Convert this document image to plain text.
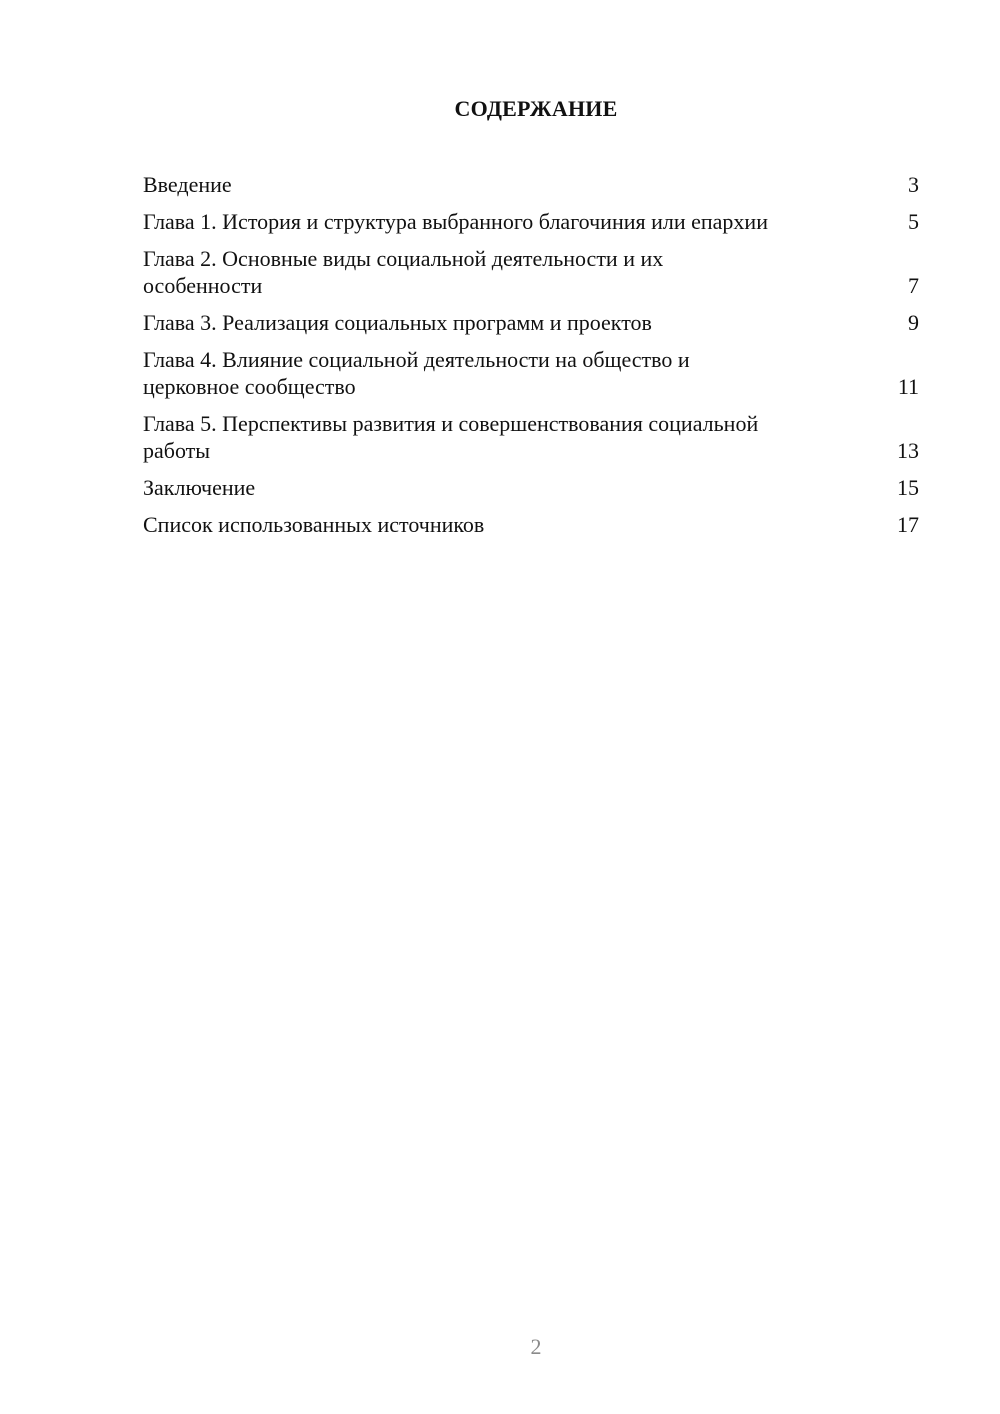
СОДЕРЖАНИЕ
Введение	3
Глава 1. История и структура выбранного благочиния или епархии	5
Глава 2. Основные виды социальной деятельности и их особенности	7
Глава 3. Реализация социальных программ и проектов	9
Глава 4. Влияние социальной деятельности на общество и церковное сообщество	11
Глава 5. Перспективы развития и совершенствования социальной работы	13
Заключение	15
Список использованных источников	17
2
